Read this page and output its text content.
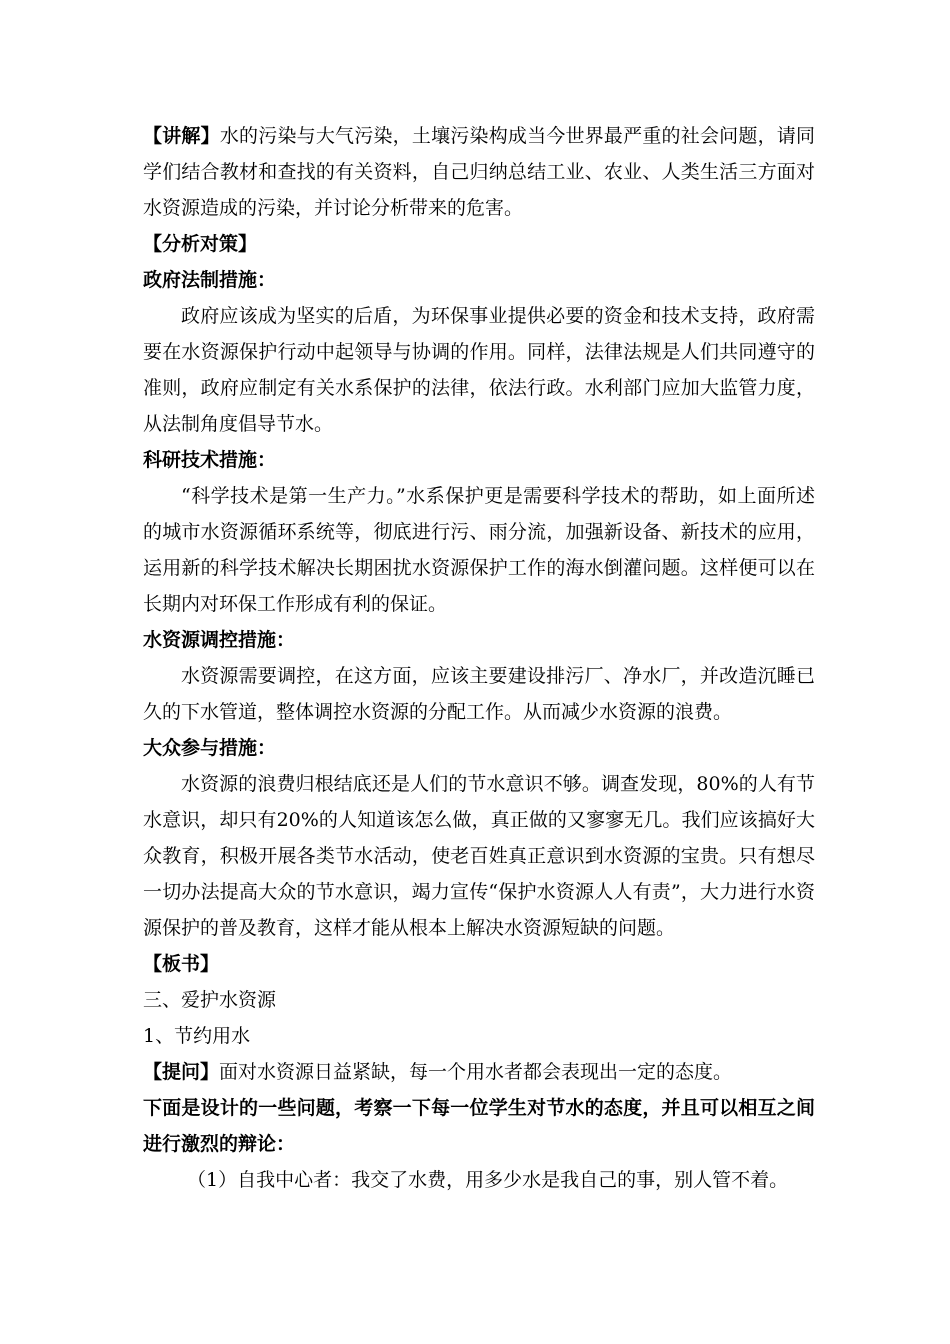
【讲解】水的污染与大气污染，土壤污染构成当今世界最严重的社会问题，请同学们结合教材和查找的有关资料，自己归纳总结工业、农业、人类生活三方面对水资源造成的污染，并讨论分析带来的危害。

【分析对策】

政府法制措施：

政府应该成为坚实的后盾，为环保事业提供必要的资金和技术支持，政府需要在水资源保护行动中起领导与协调的作用。同样，法律法规是人们共同遵守的准则，政府应制定有关水系保护的法律，依法行政。水利部门应加大监管力度，从法制角度倡导节水。

科研技术措施：

“科学技术是第一生产力。”水系保护更是需要科学技术的帮助，如上面所述的城市水资源循环系统等，彻底进行污、雨分流，加强新设备、新技术的应用，运用新的科学技术解决长期困扰水资源保护工作的海水倒灌问题。这样便可以在长期内对环保工作形成有利的保证。

水资源调控措施：

水资源需要调控，在这方面，应该主要建设排污厂、净水厂，并改造沉睡已久的下水管道，整体调控水资源的分配工作。从而减少水资源的浪费。

大众参与措施：

水资源的浪费归根结底还是人们的节水意识不够。调查发现，80%的人有节水意识，却只有20%的人知道该怎么做，真正做的又寥寥无几。我们应该搞好大众教育，积极开展各类节水活动，使老百姓真正意识到水资源的宝贵。只有想尽一切办法提高大众的节水意识，竭力宣传“保护水资源人人有责”，大力进行水资源保护的普及教育，这样才能从根本上解决水资源短缺的问题。

【板书】

三、爱护水资源

1、节约用水

【提问】面对水资源日益紧缺，每一个用水者都会表现出一定的态度。

下面是设计的一些问题，考察一下每一位学生对节水的态度，并且可以相互之间进行激烈的辩论：

（1）自我中心者：我交了水费，用多少水是我自己的事，别人管不着。
